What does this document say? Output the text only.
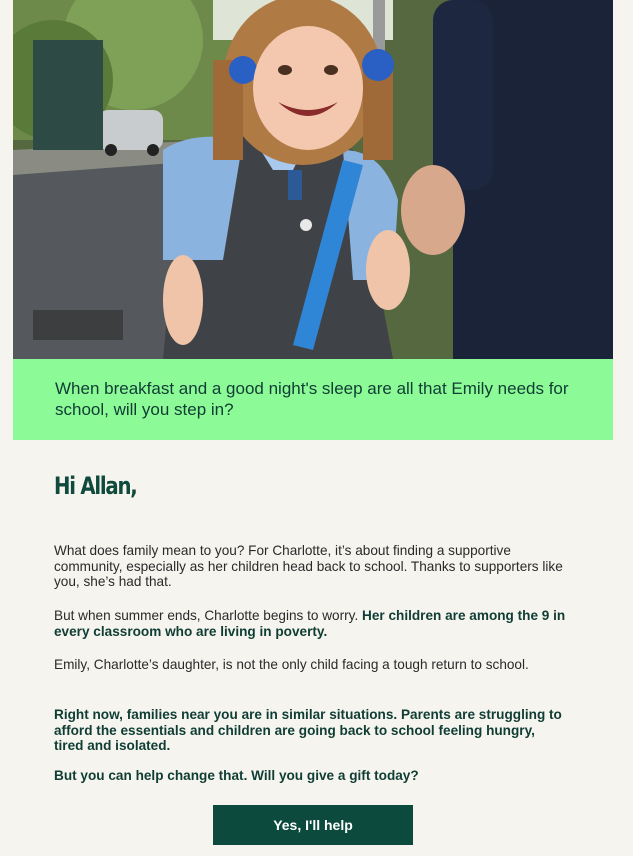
When breakfast and a good night's sleep are all that Emily needs for school, will you step in?
Hi Allan,
What does family mean to you? For Charlotte, it’s about finding a supportive community, especially as her children head back to school. Thanks to supporters like you, she’s had that.
But when summer ends, Charlotte begins to worry. Her children are among the 9 in every classroom who are living in poverty.
Emily, Charlotte’s daughter, is not the only child facing a tough return to school.
Right now, families near you are in similar situations. Parents are struggling to afford the essentials and children are going back to school feeling hungry, tired and isolated.
But you can help change that. Will you give a gift today?
Yes, I'll help
